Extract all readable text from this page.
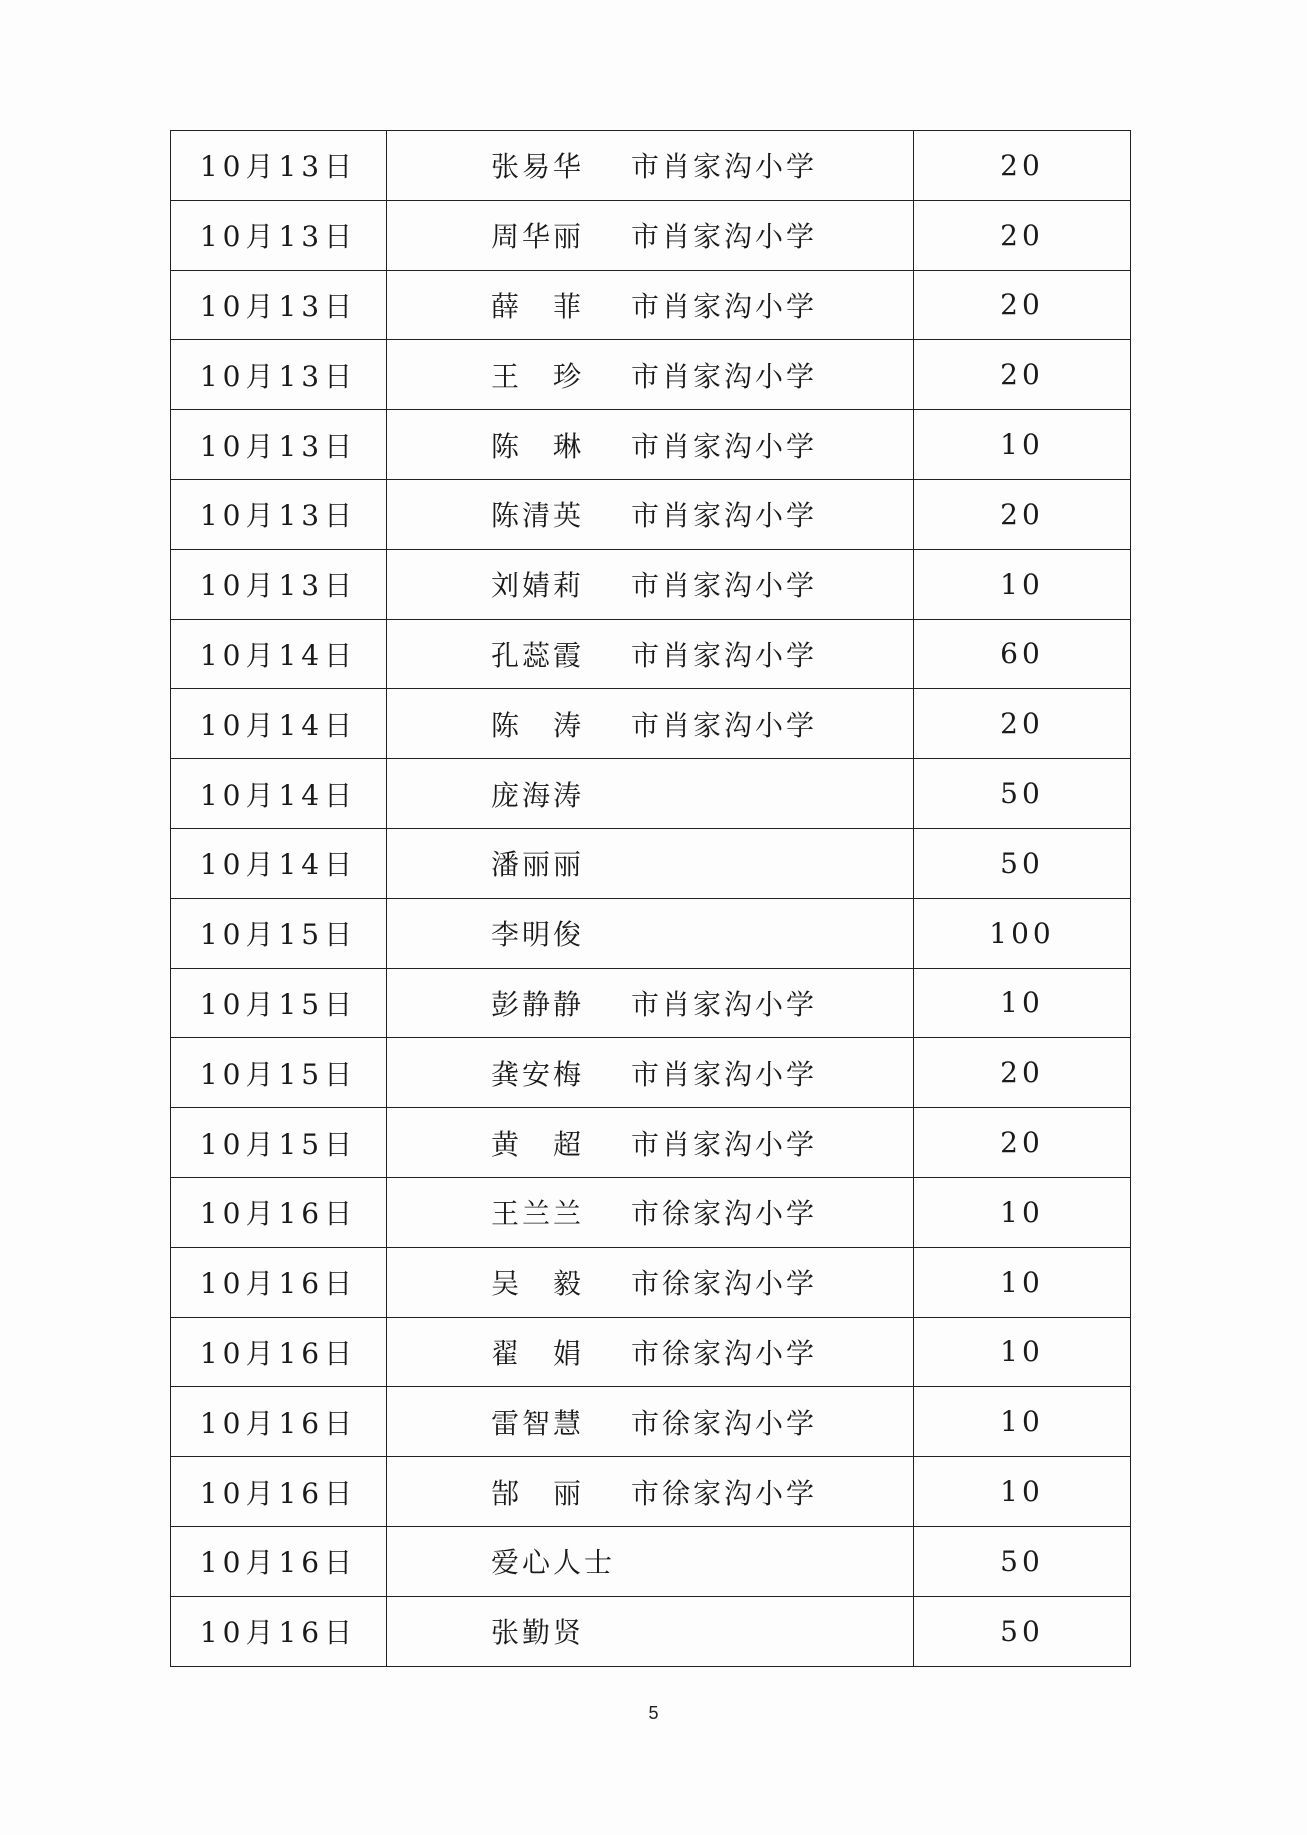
10月13日	张易华 市肖家沟小学	20
10月13日	周华丽 市肖家沟小学	20
10月13日	薛　菲 市肖家沟小学	20
10月13日	王　珍 市肖家沟小学	20
10月13日	陈　琳 市肖家沟小学	10
10月13日	陈清英 市肖家沟小学	20
10月13日	刘婧莉 市肖家沟小学	10
10月14日	孔蕊霞 市肖家沟小学	60
10月14日	陈　涛 市肖家沟小学	20
10月14日	庞海涛	50
10月14日	潘丽丽	50
10月15日	李明俊	100
10月15日	彭静静 市肖家沟小学	10
10月15日	龚安梅 市肖家沟小学	20
10月15日	黄　超 市肖家沟小学	20
10月16日	王兰兰 市徐家沟小学	10
10月16日	吴　毅 市徐家沟小学	10
10月16日	翟　娟 市徐家沟小学	10
10月16日	雷智慧 市徐家沟小学	10
10月16日	郜　丽 市徐家沟小学	10
10月16日	爱心人士	50
10月16日	张勤贤	50
5
